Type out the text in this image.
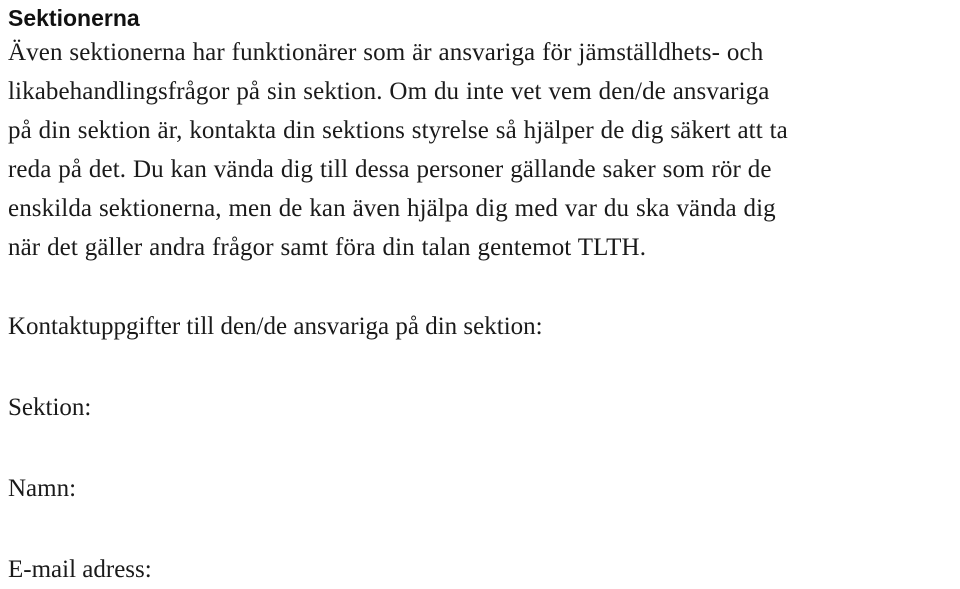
Sektionerna

Även sektionerna har funktionärer som är ansvariga för jämställdhets- och
likabehandlingsfrågor på sin sektion. Om du inte vet vem den/de ansvariga
på din sektion är, kontakta din sektions styrelse så hjälper de dig säkert att ta
reda på det. Du kan vända dig till dessa personer gällande saker som rör de
enskilda sektionerna, men de kan även hjälpa dig med var du ska vända dig
när det gäller andra frågor samt föra din talan gentemot TLTH.

Kontaktuppgifter till den/de ansvariga på din sektion:

Sektion:

Namn:

E-mail adress:
